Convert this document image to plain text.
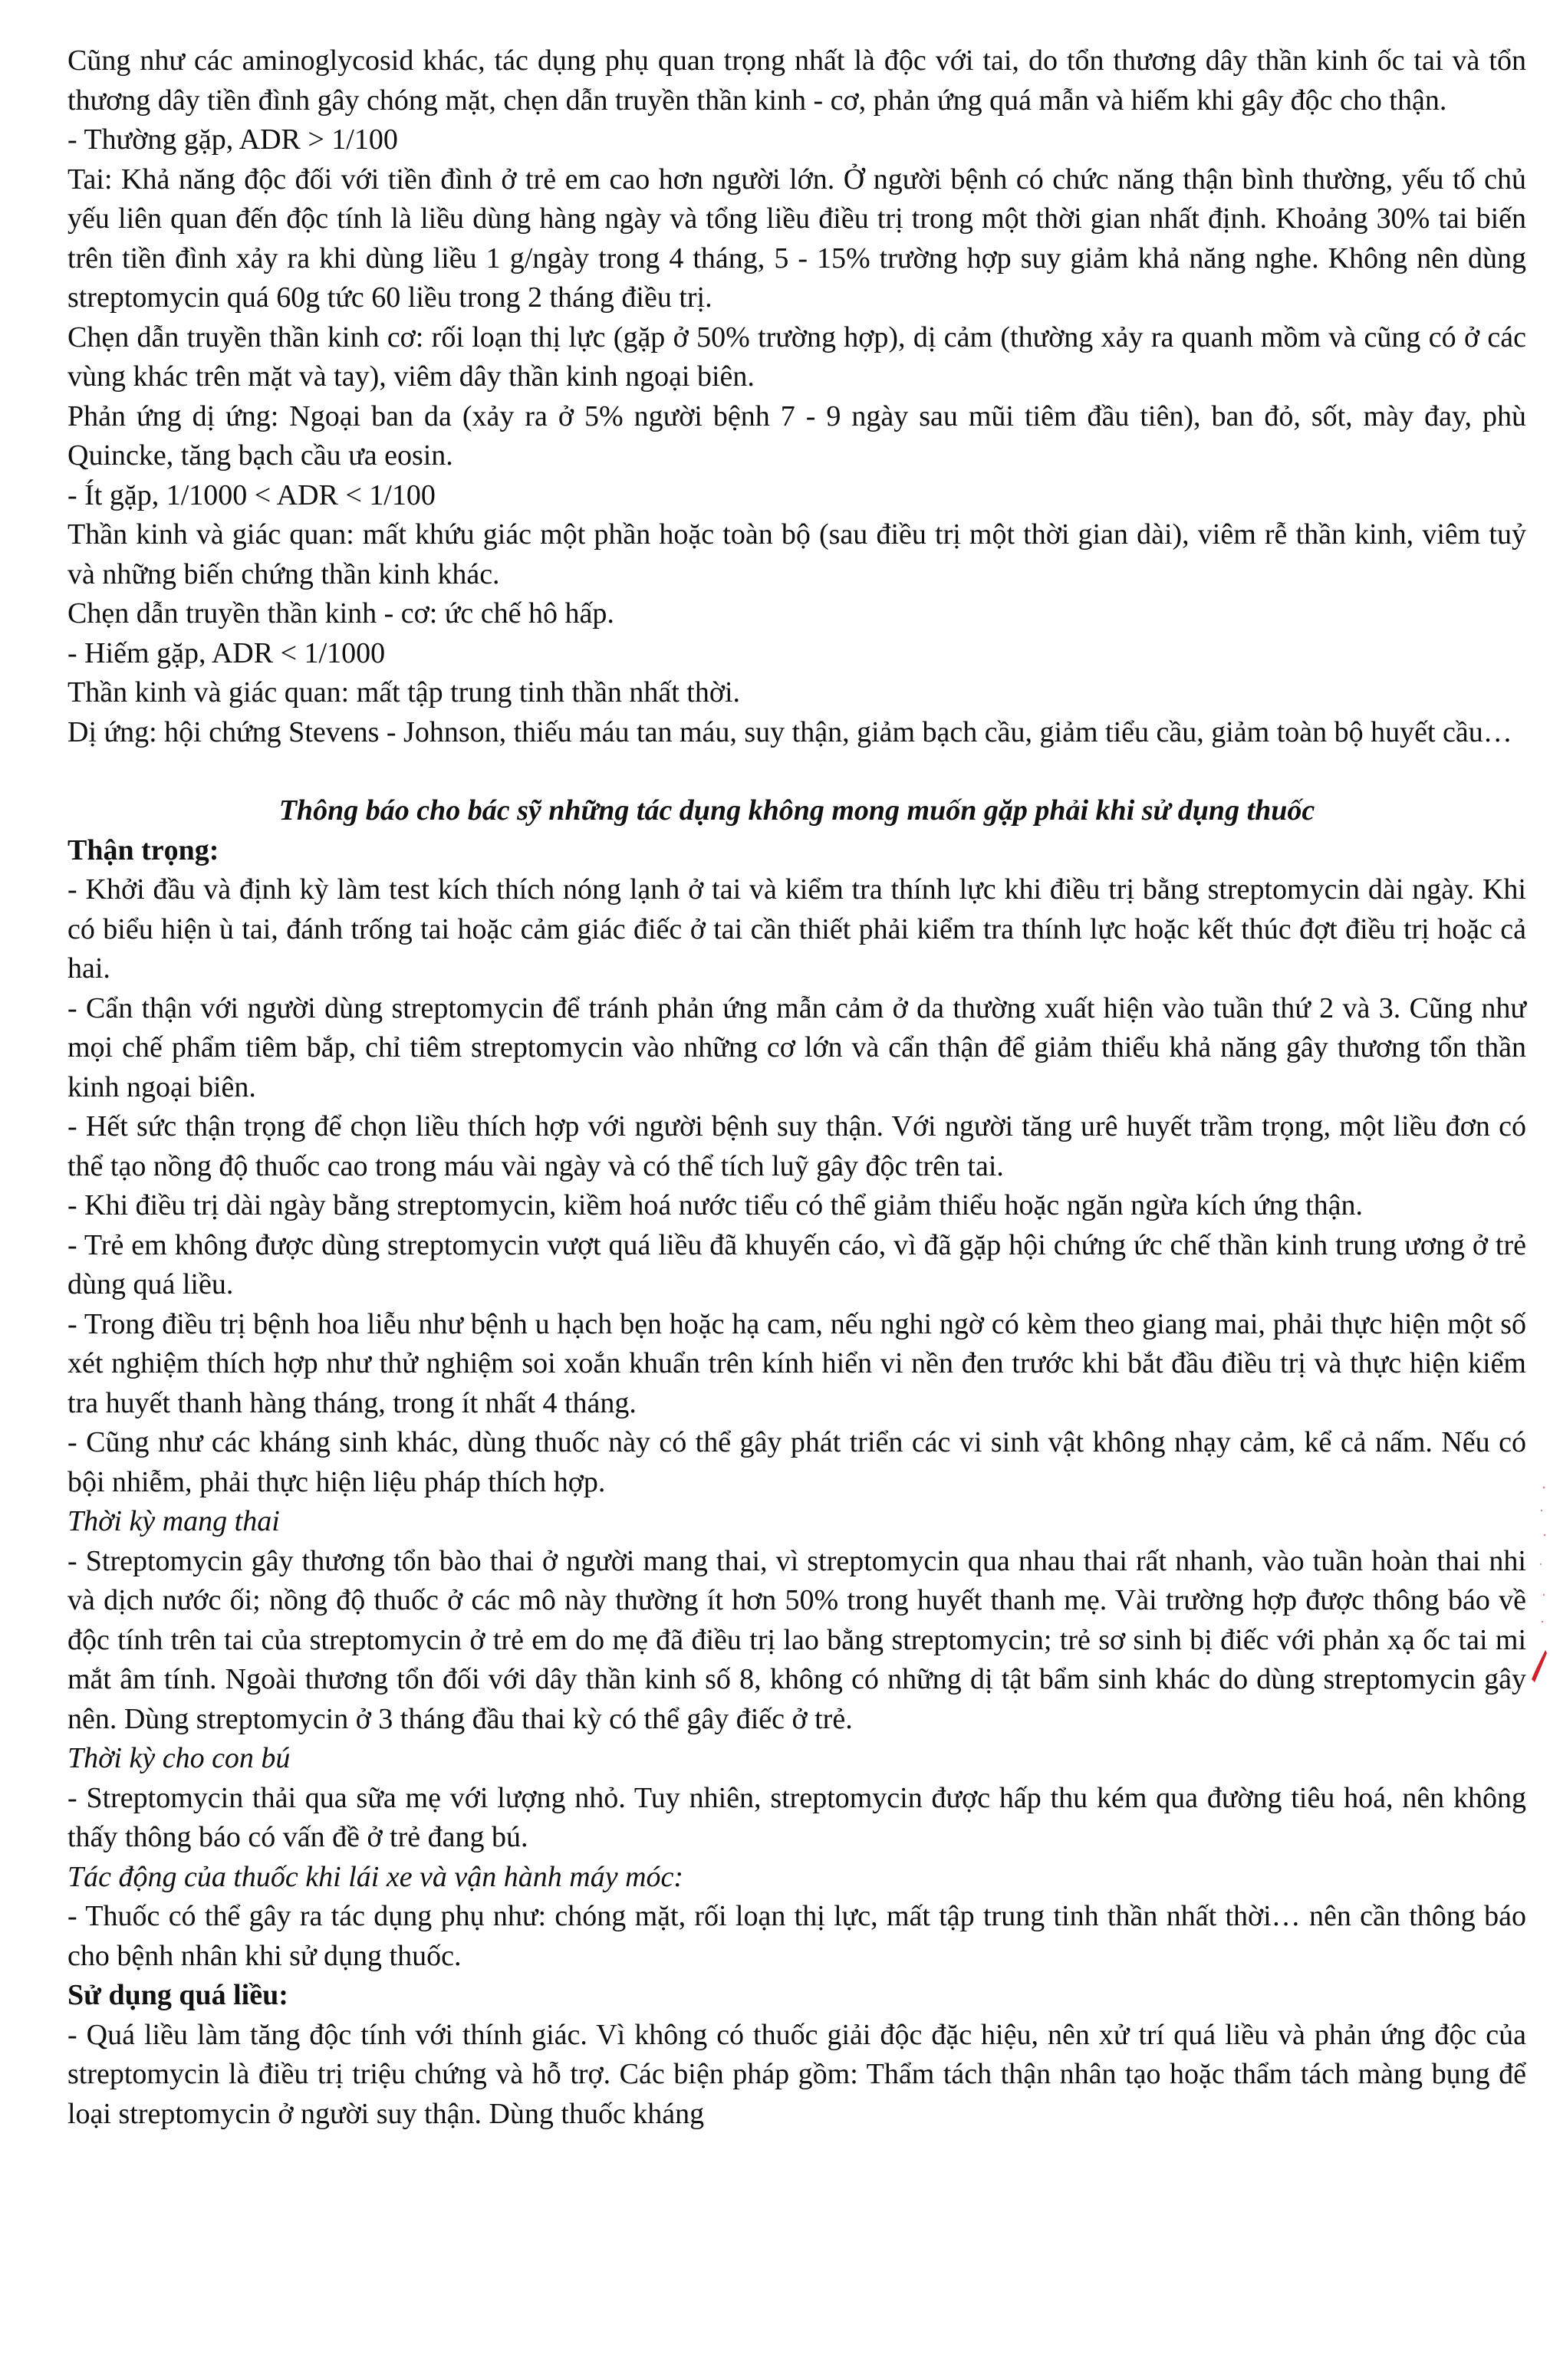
Cũng như các aminoglycosid khác, tác dụng phụ quan trọng nhất là độc với tai, do tổn thương dây thần kinh ốc tai và tổn thương dây tiền đình gây chóng mặt, chẹn dẫn truyền thần kinh - cơ, phản ứng quá mẫn và hiếm khi gây độc cho thận.

- Thường gặp, ADR > 1/100

Tai: Khả năng độc đối với tiền đình ở trẻ em cao hơn người lớn. Ở người bệnh có chức năng thận bình thường, yếu tố chủ yếu liên quan đến độc tính là liều dùng hàng ngày và tổng liều điều trị trong một thời gian nhất định. Khoảng 30% tai biến trên tiền đình xảy ra khi dùng liều 1 g/ngày trong 4 tháng, 5 - 15% trường hợp suy giảm khả năng nghe. Không nên dùng streptomycin quá 60g tức 60 liều trong 2 tháng điều trị.

Chẹn dẫn truyền thần kinh cơ: rối loạn thị lực (gặp ở 50% trường hợp), dị cảm (thường xảy ra quanh mồm và cũng có ở các vùng khác trên mặt và tay), viêm dây thần kinh ngoại biên.

Phản ứng dị ứng: Ngoại ban da (xảy ra ở 5% người bệnh 7 - 9 ngày sau mũi tiêm đầu tiên), ban đỏ, sốt, mày đay, phù Quincke, tăng bạch cầu ưa eosin.

- Ít gặp, 1/1000 < ADR < 1/100

Thần kinh và giác quan: mất khứu giác một phần hoặc toàn bộ (sau điều trị một thời gian dài), viêm rễ thần kinh, viêm tuỷ và những biến chứng thần kinh khác.

Chẹn dẫn truyền thần kinh - cơ: ức chế hô hấp.

- Hiếm gặp, ADR < 1/1000

Thần kinh và giác quan: mất tập trung tinh thần nhất thời.

Dị ứng: hội chứng Stevens - Johnson, thiếu máu tan máu, suy thận, giảm bạch cầu, giảm tiểu cầu, giảm toàn bộ huyết cầu…

Thông báo cho bác sỹ những tác dụng không mong muốn gặp phải khi sử dụng thuốc

Thận trọng:

- Khởi đầu và định kỳ làm test kích thích nóng lạnh ở tai và kiểm tra thính lực khi điều trị bằng streptomycin dài ngày. Khi có biểu hiện ù tai, đánh trống tai hoặc cảm giác điếc ở tai cần thiết phải kiểm tra thính lực hoặc kết thúc đợt điều trị hoặc cả hai.

- Cẩn thận với người dùng streptomycin để tránh phản ứng mẫn cảm ở da thường xuất hiện vào tuần thứ 2 và 3. Cũng như mọi chế phẩm tiêm bắp, chỉ tiêm streptomycin vào những cơ lớn và cẩn thận để giảm thiểu khả năng gây thương tổn thần kinh ngoại biên.

- Hết sức thận trọng để chọn liều thích hợp với người bệnh suy thận. Với người tăng urê huyết trầm trọng, một liều đơn có thể tạo nồng độ thuốc cao trong máu vài ngày và có thể tích luỹ gây độc trên tai.

- Khi điều trị dài ngày bằng streptomycin, kiềm hoá nước tiểu có thể giảm thiểu hoặc ngăn ngừa kích ứng thận.

- Trẻ em không được dùng streptomycin vượt quá liều đã khuyến cáo, vì đã gặp hội chứng ức chế thần kinh trung ương ở trẻ dùng quá liều.

- Trong điều trị bệnh hoa liễu như bệnh u hạch bẹn hoặc hạ cam, nếu nghi ngờ có kèm theo giang mai, phải thực hiện một số xét nghiệm thích hợp như thử nghiệm soi xoắn khuẩn trên kính hiển vi nền đen trước khi bắt đầu điều trị và thực hiện kiểm tra huyết thanh hàng tháng, trong ít nhất 4 tháng.

- Cũng như các kháng sinh khác, dùng thuốc này có thể gây phát triển các vi sinh vật không nhạy cảm, kể cả nấm. Nếu có bội nhiễm, phải thực hiện liệu pháp thích hợp.

Thời kỳ mang thai

- Streptomycin gây thương tổn bào thai ở người mang thai, vì streptomycin qua nhau thai rất nhanh, vào tuần hoàn thai nhi và dịch nước ối; nồng độ thuốc ở các mô này thường ít hơn 50% trong huyết thanh mẹ. Vài trường hợp được thông báo về độc tính trên tai của streptomycin ở trẻ em do mẹ đã điều trị lao bằng streptomycin; trẻ sơ sinh bị điếc với phản xạ ốc tai mi mắt âm tính. Ngoài thương tổn đối với dây thần kinh số 8, không có những dị tật bẩm sinh khác do dùng streptomycin gây nên. Dùng streptomycin ở 3 tháng đầu thai kỳ có thể gây điếc ở trẻ.

Thời kỳ cho con bú

- Streptomycin thải qua sữa mẹ với lượng nhỏ. Tuy nhiên, streptomycin được hấp thu kém qua đường tiêu hoá, nên không thấy thông báo có vấn đề ở trẻ đang bú.

Tác động của thuốc khi lái xe và vận hành máy móc:

- Thuốc có thể gây ra tác dụng phụ như: chóng mặt, rối loạn thị lực, mất tập trung tinh thần nhất thời… nên cần thông báo cho bệnh nhân khi sử dụng thuốc.

Sử dụng quá liều:

- Quá liều làm tăng độc tính với thính giác. Vì không có thuốc giải độc đặc hiệu, nên xử trí quá liều và phản ứng độc của streptomycin là điều trị triệu chứng và hỗ trợ. Các biện pháp gồm: Thẩm tách thận nhân tạo hoặc thẩm tách màng bụng để loại streptomycin ở người suy thận. Dùng thuốc kháng
